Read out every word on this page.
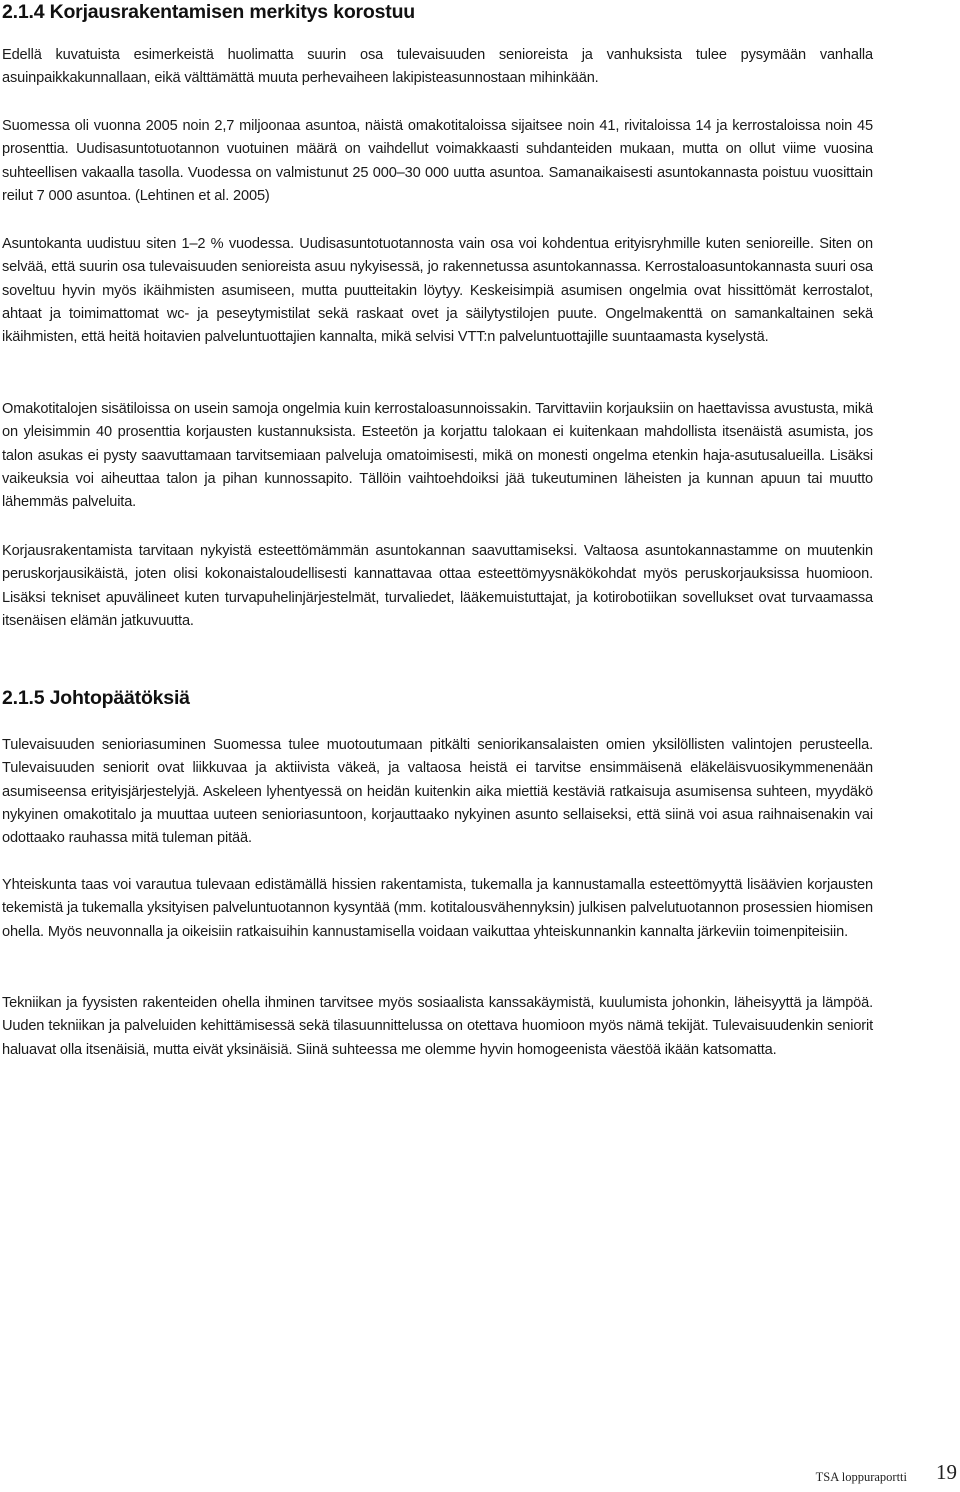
2.1.4 Korjausrakentamisen merkitys korostuu

Edellä kuvatuista esimerkeistä huolimatta suurin osa tulevaisuuden senioreista ja vanhuksista tulee pysymään vanhalla asuinpaikkakunnallaan, eikä välttämättä muuta perhevaiheen lakipisteasunnostaan mihinkään.

Suomessa oli vuonna 2005 noin 2,7 miljoonaa asuntoa, näistä omakotitaloissa sijaitsee noin 41, rivitaloissa 14 ja kerrostaloissa noin 45 prosenttia. Uudisasuntotuotannon vuotuinen määrä on vaihdellut voimakkaasti suhdanteiden mukaan, mutta on ollut viime vuosina suhteellisen vakaalla tasolla. Vuodessa on valmistunut 25 000–30 000 uutta asuntoa. Samanaikaisesti asuntokannasta poistuu vuosittain reilut 7 000 asuntoa. (Lehtinen et al. 2005)

Asuntokanta uudistuu siten 1–2 % vuodessa. Uudisasuntotuotannosta vain osa voi kohdentua erityisryhmille kuten senioreille. Siten on selvää, että suurin osa tulevaisuuden senioreista asuu nykyisessä, jo rakennetussa asuntokannassa. Kerrostaloasuntokannasta suuri osa soveltuu hyvin myös ikäihmisten asumiseen, mutta puutteitakin löytyy. Keskeisimpiä asumisen ongelmia ovat hissittömät kerrostalot, ahtaat ja toimimattomat wc- ja peseytymistilat sekä raskaat ovet ja säilytystilojen puute. Ongelmakenttä on samankaltainen sekä ikäihmisten, että heitä hoitavien palveluntuottajien kannalta, mikä selvisi VTT:n palveluntuottajille suuntaamasta kyselystä.

Omakotitalojen sisätiloissa on usein samoja ongelmia kuin kerrostaloasunnoissakin. Tarvittaviin korjauksiin on haettavissa avustusta, mikä on yleisimmin 40 prosenttia korjausten kustannuksista. Esteetön ja korjattu talokaan ei kuitenkaan mahdollista itsenäistä asumista, jos talon asukas ei pysty saavuttamaan tarvitsemiaan palveluja omatoimisesti, mikä on monesti ongelma etenkin haja-asutusalueilla. Lisäksi vaikeuksia voi aiheuttaa talon ja pihan kunnossapito. Tällöin vaihtoehdoiksi jää tukeutuminen läheisten ja kunnan apuun tai muutto lähemmäs palveluita.

Korjausrakentamista tarvitaan nykyistä esteettömämmän asuntokannan saavuttamiseksi. Valtaosa asuntokannastamme on muutenkin peruskorjausikäistä, joten olisi kokonaistaloudellisesti kannattavaa ottaa esteettömyysnäkökohdat myös peruskorjauksissa huomioon. Lisäksi tekniset apuvälineet kuten turvapuhelinjärjestelmät, turvaliedet, lääkemuistuttajat, ja kotirobotiikan sovellukset ovat turvaamassa itsenäisen elämän jatkuvuutta.

2.1.5 Johtopäätöksiä

Tulevaisuuden senioriasuminen Suomessa tulee muotoutumaan pitkälti seniorikansalaisten omien yksilöllisten valintojen perusteella. Tulevaisuuden seniorit ovat liikkuvaa ja aktiivista väkeä, ja valtaosa heistä ei tarvitse ensimmäisenä eläkeläisvuosikymmenenään asumiseensa erityisjärjestelyjä. Askeleen lyhentyessä on heidän kuitenkin aika miettiä kestäviä ratkaisuja asumisensa suhteen, myydäkö nykyinen omakotitalo ja muuttaa uuteen senioriasuntoon, korjauttaako nykyinen asunto sellaiseksi, että siinä voi asua raihnaisenakin vai odottaako rauhassa mitä tuleman pitää.

Yhteiskunta taas voi varautua tulevaan edistämällä hissien rakentamista, tukemalla ja kannustamalla esteettömyyttä lisäävien korjausten tekemistä ja tukemalla yksityisen palveluntuotannon kysyntää (mm. kotitalousvähennyksin) julkisen palvelutuotannon prosessien hiomisen ohella. Myös neuvonnalla ja oikeisiin ratkaisuihin kannustamisella voidaan vaikuttaa yhteiskunnankin kannalta järkeviin toimenpiteisiin.

Tekniikan ja fyysisten rakenteiden ohella ihminen tarvitsee myös sosiaalista kanssakäymistä, kuulumista johonkin, läheisyyttä ja lämpöä. Uuden tekniikan ja palveluiden kehittämisessä sekä tilasuunnittelussa on otettava huomioon myös nämä tekijät. Tulevaisuudenkin seniorit haluavat olla itsenäisiä, mutta eivät yksinäisiä. Siinä suhteessa me olemme hyvin homogeenista väestöä ikään katsomatta.

TSA loppuraportti 19
